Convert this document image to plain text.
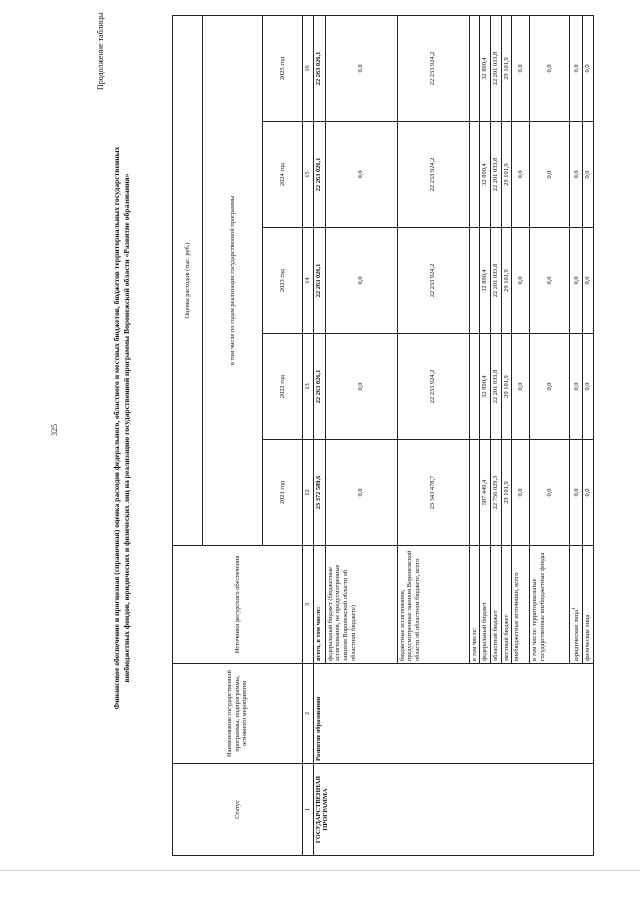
325
Продолжение таблицы
Финансовое обеспечение и прогнозная (справочная) оценка расходов федерального, областного и местных бюджетов, бюджетов территориальных государственных внебюджетных фондов, юридических и физических лиц на реализацию государственной программы Воронежской области «Развитие образования»
Статус	Наименование государственной программы, подпрограммы, основного мероприятия	Источники ресурсного обеспечения	Оценка расходов (тыс. руб.)				
			в том числе по годам реализации государственной программы				
			2021 год	2022 год	2023 год	2024 год	2025 год
1	2	3	12	13	14	15	16
ГОСУДАРСТВЕННАЯ ПРОГРАММА	Развитие образования	всего, в том числе:	23 372 580,6	22 263 026,1	22 263 026,1	22 263 026,1	22 263 026,1
		федеральный бюджет (бюджетные ассигнования, не предусмотренные законом Воронежской области об областном бюджете)	0,0	0,0	0,0	0,0	0,0
		бюджетные ассигнования, предусмотренные законом Воронежской области об областном бюджете, всего	23 343 478,7	22 233 924,2	22 233 924,2	22 233 924,2	22 233 924,2
		в том числе:					
		федеральный бюджет	587 449,4	32 890,4	32 890,4	32 890,4	32 890,4
		областной бюджет	22 756 029,3	22 201 033,8	22 201 033,8	22 201 033,8	22 201 033,8
		местный бюджет	29 101,9	29 101,9	29 101,9	29 101,9	29 101,9
		внебюджетные источники, всего	0,0	0,0	0,0	0,0	0,0
		в том числе: территориальные государственные внебюджетные фонды	0,0	0,0	0,0	0,0	0,0
		юридические лица$^1$	0,0	0,0	0,0	0,0	0,0
		физические лица	0,0	0,0	0,0	0,0	0,0
